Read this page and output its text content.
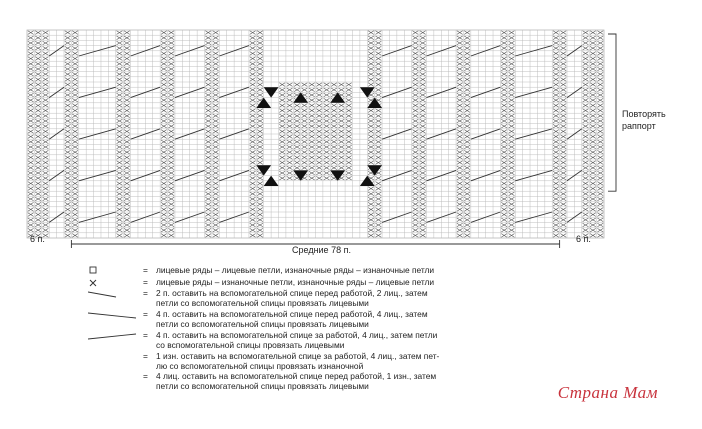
6 п.	6 п.
Средние 78 п.
Повторять
раппорт
= лицевые ряды – лицевые петли, изнаночные ряды – изнаночные петли
= лицевые ряды – изнаночные петли, изнаночные ряды – лицевые петли
= 2 п. оставить на вспомогательной спице перед работой, 2 лиц., затем
петли со вспомогательной спицы провязать лицевыми
= 4 п. оставить на вспомогательной спице перед работой, 4 лиц., затем
петли со вспомогательной спицы провязать лицевыми
= 4 п. оставить на вспомогательной спице за работой, 4 лиц., затем петли
со вспомогательной спицы провязать лицевыми
= 1 изн. оставить на вспомогательной спице за работой, 4 лиц., затем пет-
лю со вспомогательной спицы провязать изнаночной
= 4 лиц. оставить на вспомогательной спице перед работой, 1 изн., затем
петли со вспомогательной спицы провязать лицевыми	Страна Мам
